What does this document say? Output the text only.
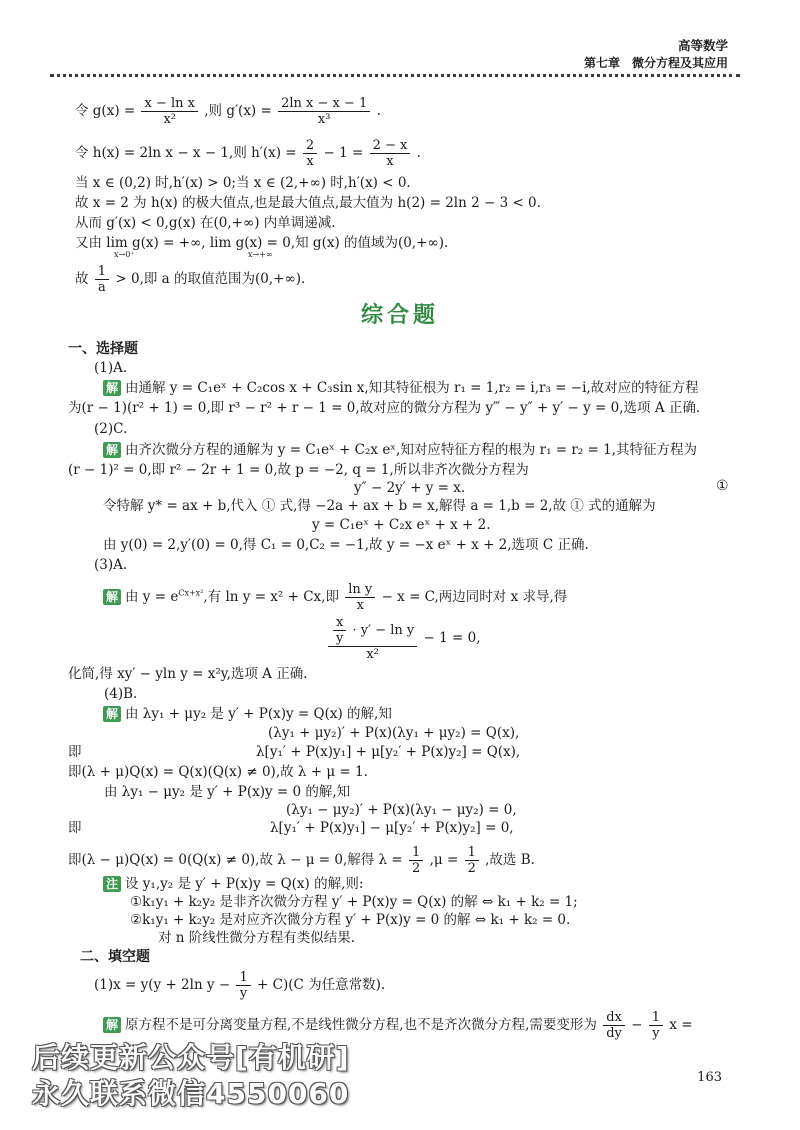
高等数学
第七章　微分方程及其应用
令 $g(x) = \frac{\text{x − ln x}}{\text{x²}}$ ,则 $g'(x) = \frac{\text{2ln x − x − 1}}{\text{x³}}$ .
令 h(x) = 2ln x − x − 1,则 $h'(x) = \frac{2}{x} - 1 = \frac{2 - x}{x}$ .
当 x ∈ (0,2) 时,h′(x) > 0;当 x ∈ (2,+∞) 时,h′(x) < 0.
故 x = 2 为 h(x) 的极大值点,也是最大值点,最大值为 h(2) = 2ln 2 − 3 < 0.
从而 g′(x) < 0,g(x) 在(0,+∞) 内单调递减.
又由 lim g(x) = +∞, lim g(x) = 0,知 g(x) 的值域为(0,+∞).
x→0⁺	x→+∞
故 $\frac{1}{a} > 0$,即 a 的取值范围为(0,+∞).
综合题
一、选择题
(1)A.
解 由通解 y = C₁eˣ + C₂cos x + C₃sin x,知其特征根为 r₁ = 1,r₂ = i,r₃ = −i,故对应的特征方程
为(r − 1)(r² + 1) = 0,即 r³ − r² + r − 1 = 0,故对应的微分方程为 y‴ − y″ + y′ − y = 0,选项 A 正确.
(2)C.
解 由齐次微分方程的通解为 y = C₁eˣ + C₂x eˣ,知对应特征方程的根为 r₁ = r₂ = 1,其特征方程为
(r − 1)² = 0,即 r² − 2r + 1 = 0,故 p = −2, q = 1,所以非齐次微分方程为
y″ − 2y′ + y = x.	①
令特解 y* = ax + b,代入 ① 式,得 −2a + ax + b = x,解得 a = 1,b = 2,故 ① 式的通解为
y = C₁eˣ + C₂x eˣ + x + 2.
由 y(0) = 2,y′(0) = 0,得 C₁ = 0,C₂ = −1,故 y = −x eˣ + x + 2,选项 C 正确.
(3)A.
解 由 $y = e^{Cx+x^2}$,有 ln y = x² + Cx,即 $\frac{\text{ln y}}{x} - x = C$,两边同时对 x 求导,得
$\frac{\frac{x}{y} \cdot y' - \ln y}{\text{x²}} - 1 = 0$,
化简,得 xy′ − yln y = x²y,选项 A 正确.
(4)B.
解 由 λy₁ + μy₂ 是 y′ + P(x)y = Q(x) 的解,知
(λy₁ + μy₂)′ + P(x)(λy₁ + μy₂) = Q(x),
即	λ[y₁′ + P(x)y₁] + μ[y₂′ + P(x)y₂] = Q(x),
即(λ + μ)Q(x) = Q(x)(Q(x) ≠ 0),故 λ + μ = 1.
由 λy₁ − μy₂ 是 y′ + P(x)y = 0 的解,知
(λy₁ − μy₂)′ + P(x)(λy₁ − μy₂) = 0,
即	λ[y₁′ + P(x)y₁] − μ[y₂′ + P(x)y₂] = 0,
即(λ − μ)Q(x) = 0(Q(x) ≠ 0),故 λ − μ = 0,解得 $\lambda = \frac{1}{2} ,\mu = \frac{1}{2}$ ,故选 B.
注 设 y₁,y₂ 是 y′ + P(x)y = Q(x) 的解,则:
①k₁y₁ + k₂y₂ 是非齐次微分方程 y′ + P(x)y = Q(x) 的解 ⇔ k₁ + k₂ = 1;
②k₁y₁ + k₂y₂ 是对应齐次微分方程 y′ + P(x)y = 0 的解 ⇔ k₁ + k₂ = 0.
对 n 阶线性微分方程有类似结果.
二、填空题
(1)x = y(y + 2ln $y - \frac{1}{y} + C)(C$ 为任意常数).
解 原方程不是可分离变量方程,不是线性微分方程,也不是齐次微分方程,需要变形为 $\frac{dx}{dy} - \frac{1}{y}$ x =
后续更新公众号[有机研]
永久联系微信4550060	163
